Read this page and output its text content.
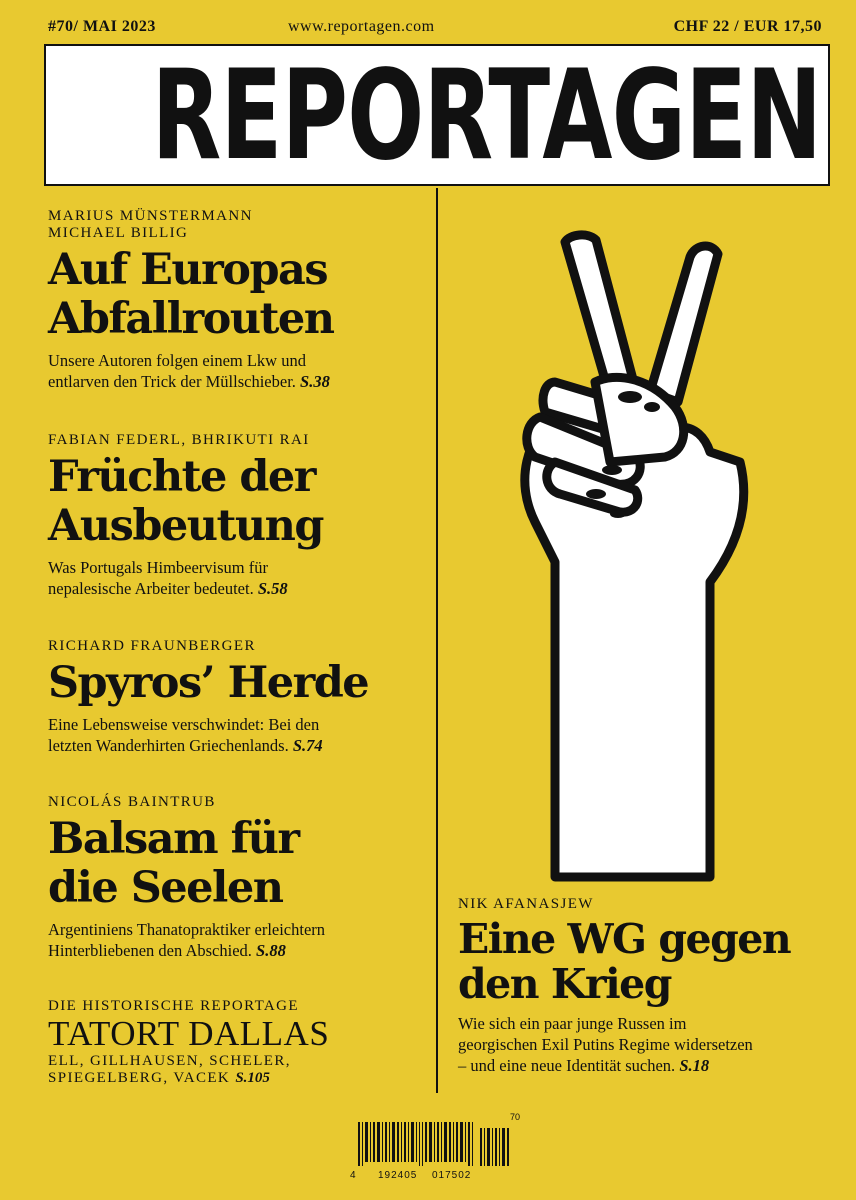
#70/ MAI 2023	www.reportagen.com	CHF 22 / EUR 17,50
REPORTAGEN
MARIUS MÜNSTERMANN
MICHAEL BILLIG
Auf Europas
Abfallrouten
Unsere Autoren folgen einem Lkw und
entlarven den Trick der Müllschieber. S.38
FABIAN FEDERL, BHRIKUTI RAI
Früchte der
Ausbeutung
Was Portugals Himbeervisum für
nepalesische Arbeiter bedeutet. S.58
RICHARD FRAUNBERGER
Spyros’ Herde
Eine Lebensweise verschwindet: Bei den
letzten Wanderhirten Griechenlands. S.74
NICOLÁS BAINTRUB
Balsam für
die Seelen
Argentiniens Thanatopraktiker erleichtern
Hinterbliebenen den Abschied. S.88
DIE HISTORISCHE REPORTAGE
TATORT DALLAS
ELL, GILLHAUSEN, SCHELER,
SPIEGELBERG, VACEK S.105
NIK AFANASJEW
Eine WG gegen
den Krieg
Wie sich ein paar junge Russen im
georgischen Exil Putins Regime widersetzen
– und eine neue Identität suchen. S.18
70
4 192405 017502
